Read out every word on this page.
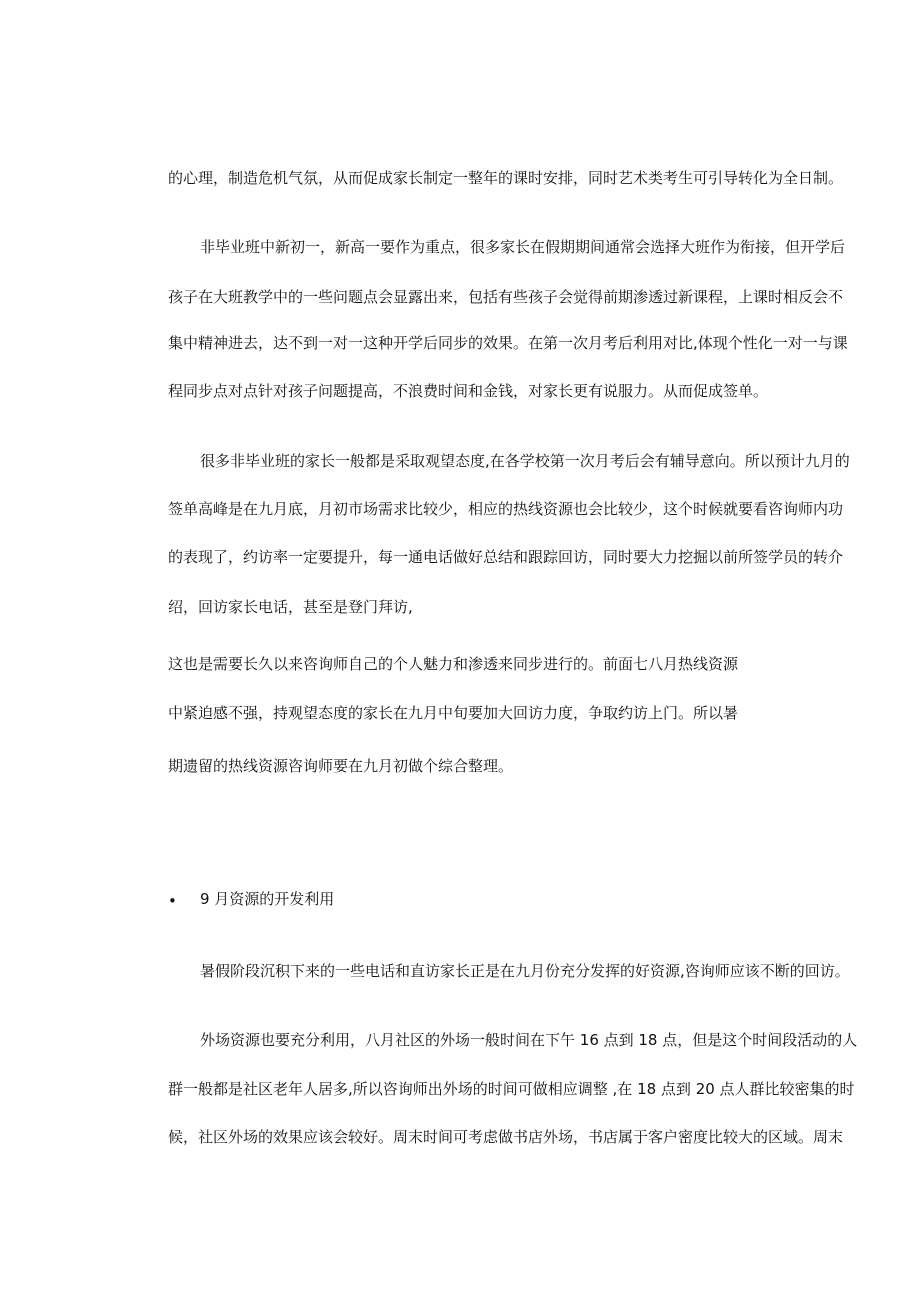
的心理，制造危机气氛，从而促成家长制定一整年的课时安排，同时艺术类考生可引导转化为全日制。
非毕业班中新初一，新高一要作为重点，很多家长在假期期间通常会选择大班作为衔接，但开学后
孩子在大班教学中的一些问题点会显露出来，包括有些孩子会觉得前期渗透过新课程，上课时相反会不
集中精神进去，达不到一对一这种开学后同步的效果。在第一次月考后利用对比,体现个性化一对一与课
程同步点对点针对孩子问题提高，不浪费时间和金钱，对家长更有说服力。从而促成签单。
很多非毕业班的家长一般都是采取观望态度,在各学校第一次月考后会有辅导意向。所以预计九月的
签单高峰是在九月底，月初市场需求比较少，相应的热线资源也会比较少，这个时候就要看咨询师内功
的表现了，约访率一定要提升，每一通电话做好总结和跟踪回访，同时要大力挖掘以前所签学员的转介
绍，回访家长电话，甚至是登门拜访,
这也是需要长久以来咨询师自己的个人魅力和渗透来同步进行的。前面七八月热线资源
中紧迫感不强，持观望态度的家长在九月中旬要加大回访力度，争取约访上门。所以暑
期遗留的热线资源咨询师要在九月初做个综合整理。
• 9 月资源的开发利用
暑假阶段沉积下来的一些电话和直访家长正是在九月份充分发挥的好资源,咨询师应该不断的回访。
外场资源也要充分利用，八月社区的外场一般时间在下午 16 点到 18 点，但是这个时间段活动的人
群一般都是社区老年人居多,所以咨询师出外场的时间可做相应调整 ,在 18 点到 20 点人群比较密集的时
候，社区外场的效果应该会较好。周末时间可考虑做书店外场，书店属于客户密度比较大的区域。周末
